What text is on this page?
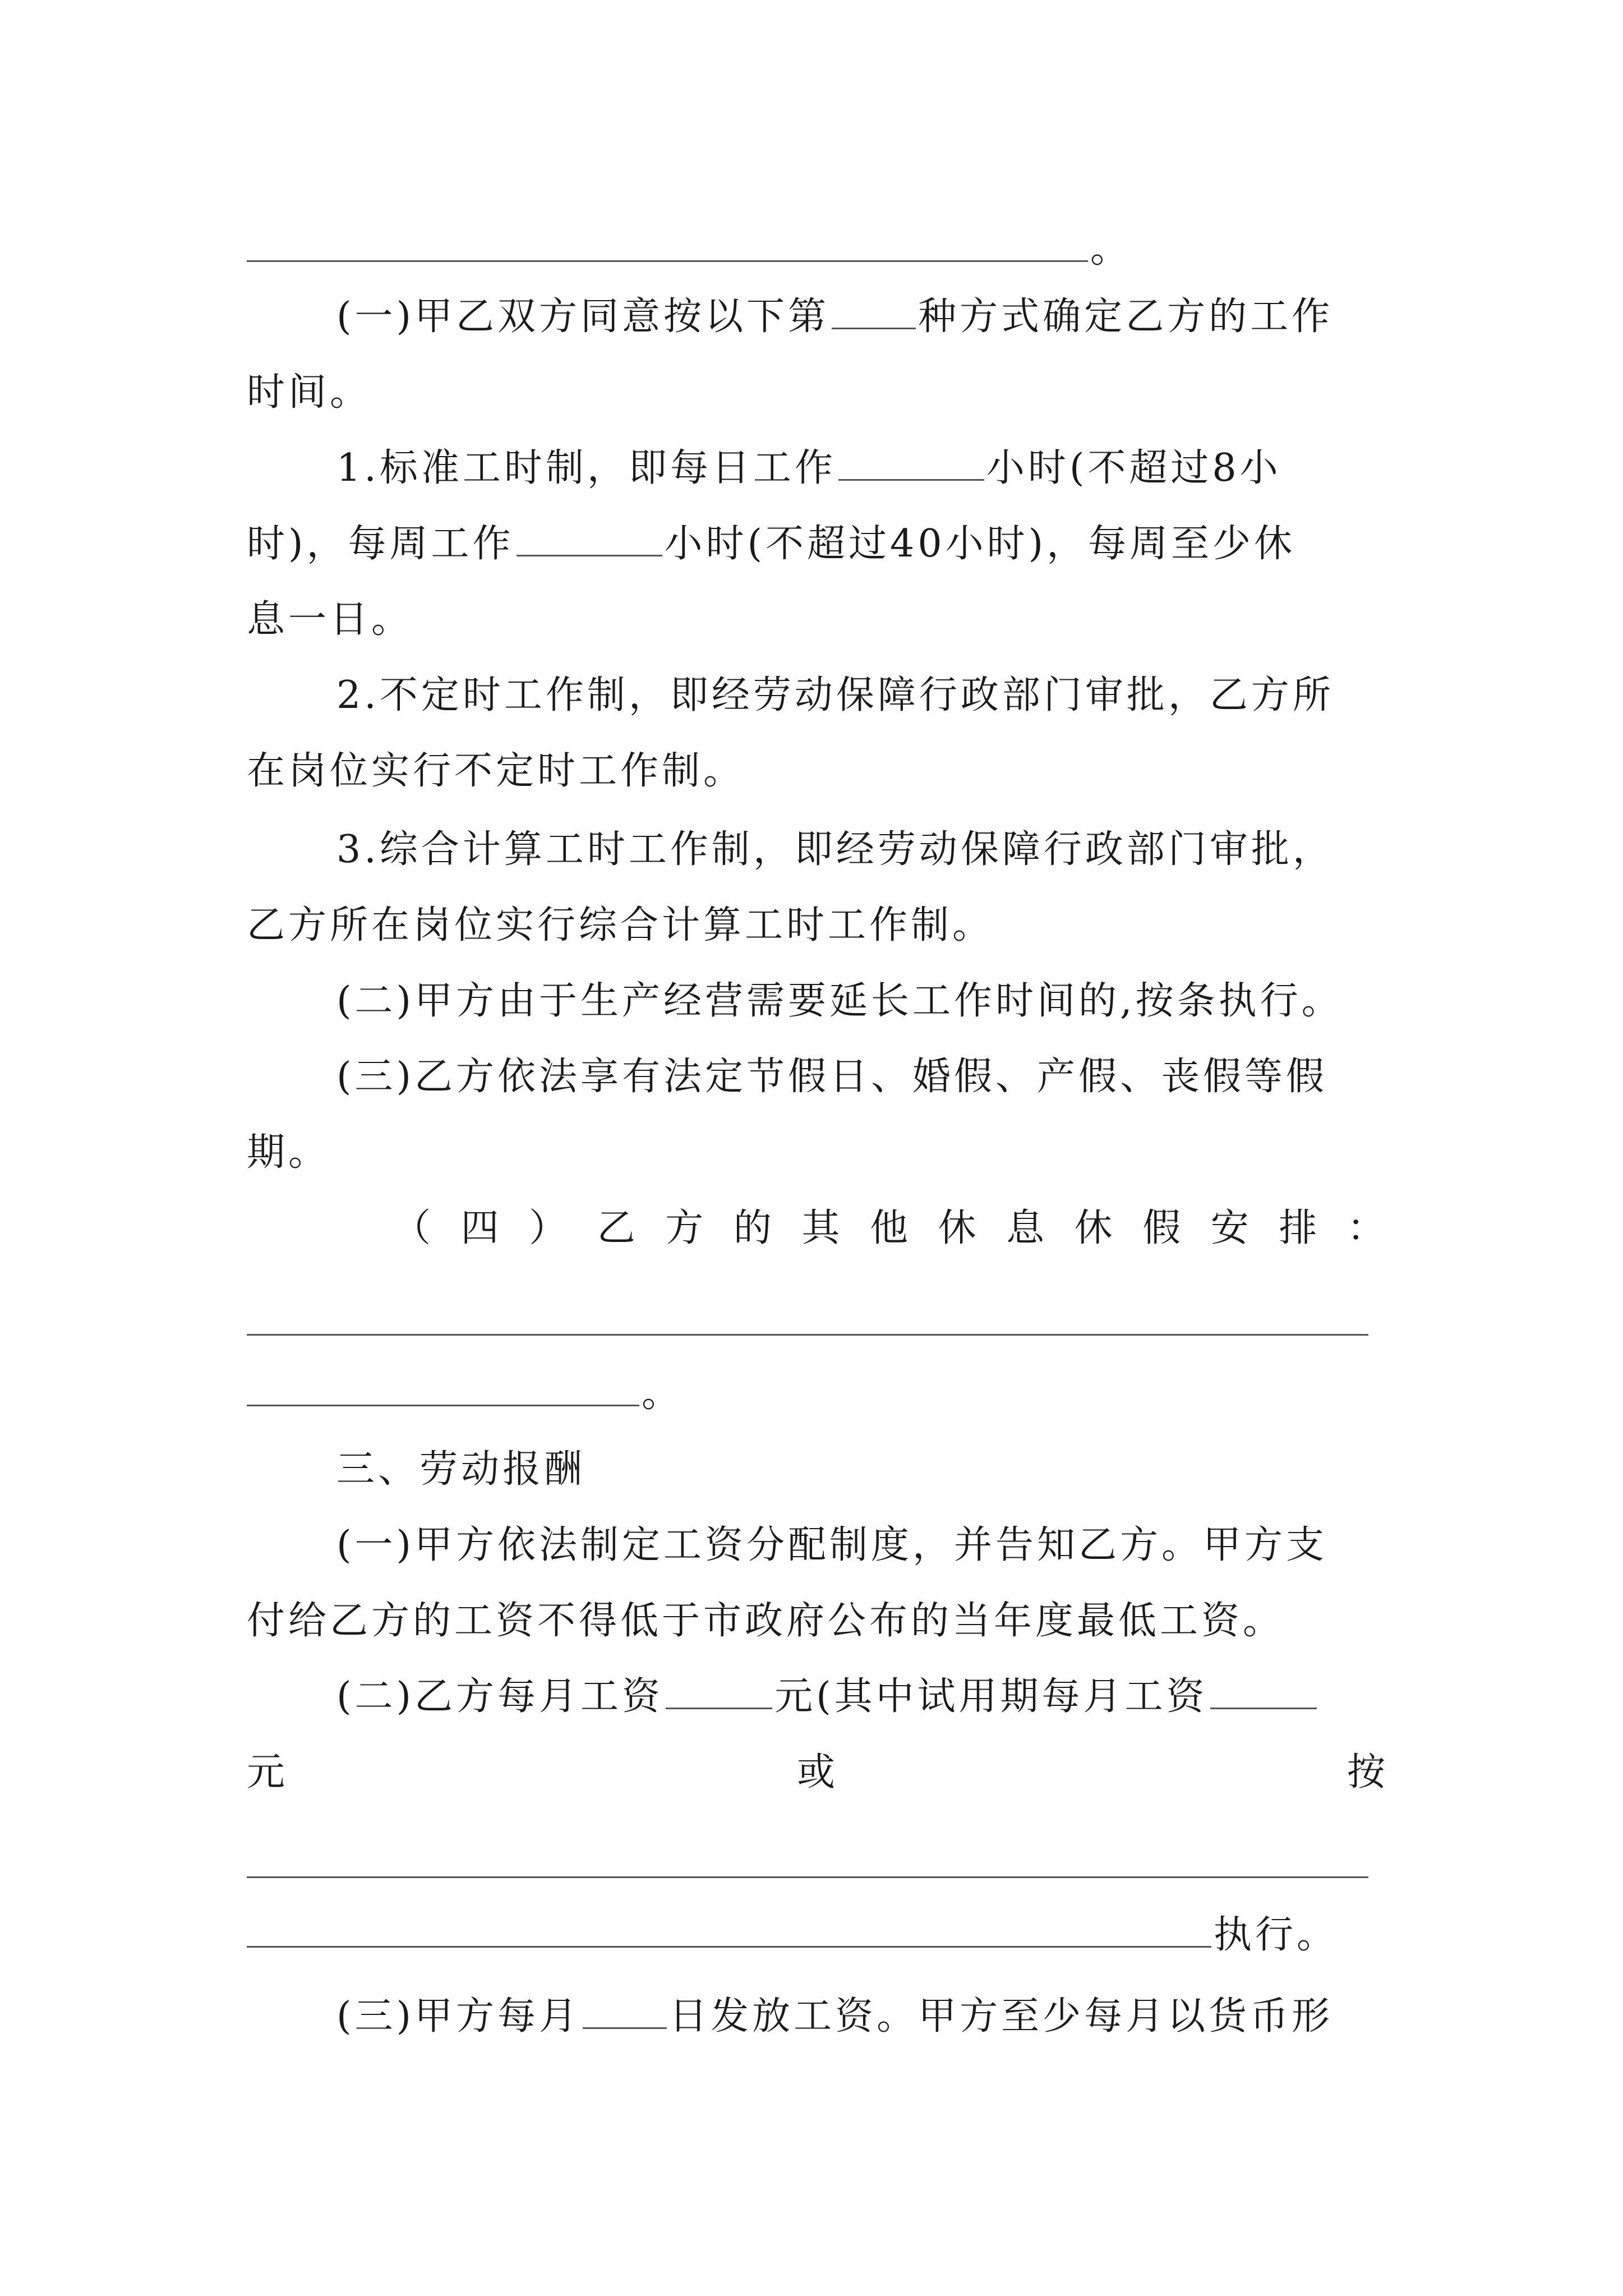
。
(一)甲乙双方同意按以下第 种方式确定乙方的工作
时间。
1.标准工时制，即每日工作	小时(不超过8小
时)，每周工作	小时(不超过40小时)，每周至少休
息一日。
2.不定时工作制，即经劳动保障行政部门审批，乙方所
在岗位实行不定时工作制。
3.综合计算工时工作制，即经劳动保障行政部门审批，
乙方所在岗位实行综合计算工时工作制。
(二)甲方由于生产经营需要延长工作时间的,按条执行。
(三)乙方依法享有法定节假日、婚假、产假、丧假等假
期。
（ 四 ） 乙 方 的 其 他 休 息 休 假 安 排 ：
。
三、劳动报酬
(一)甲方依法制定工资分配制度，并告知乙方。甲方支
付给乙方的工资不得低于市政府公布的当年度最低工资。
(二)乙方每月工资	元(其中试用期每月工资
元	或	按
执行。
(三)甲方每月 日发放工资。甲方至少每月以货币形
